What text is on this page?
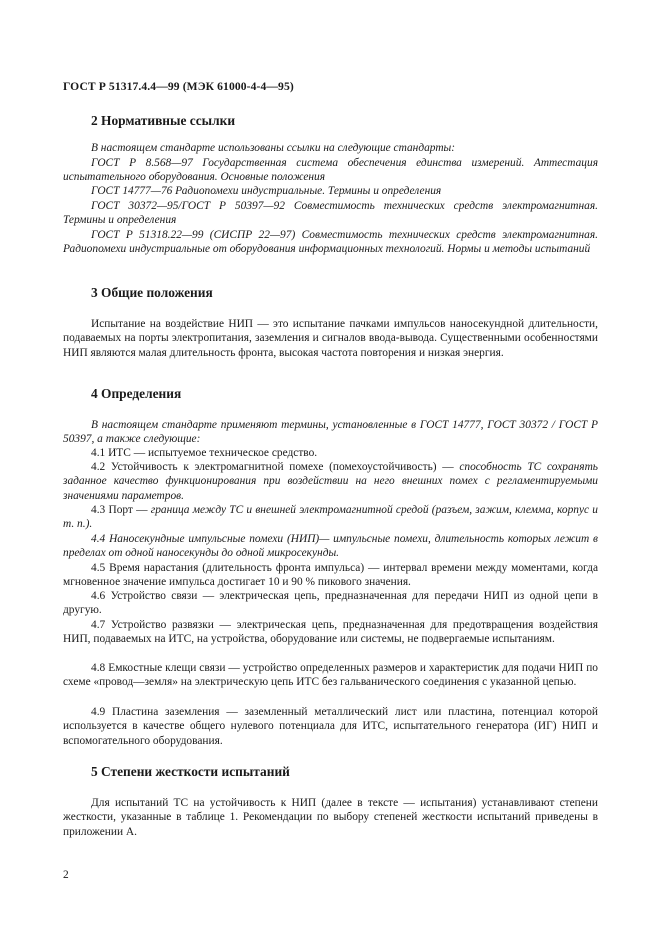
ГОСТ Р 51317.4.4—99 (МЭК 61000-4-4—95)
2 Нормативные ссылки

В настоящем стандарте использованы ссылки на следующие стандарты:

ГОСТ Р 8.568—97 Государственная система обеспечения единства измерений. Аттестация испытательного оборудования. Основные положения

ГОСТ 14777—76 Радиопомехи индустриальные. Термины и определения

ГОСТ 30372—95/ГОСТ Р 50397—92 Совместимость технических средств электромагнитная. Термины и определения

ГОСТ Р 51318.22—99 (СИСПР 22—97) Совместимость технических средств электромагнитная. Радиопомехи индустриальные от оборудования информационных технологий. Нормы и методы испытаний

3 Общие положения

Испытание на воздействие НИП — это испытание пачками импульсов наносекундной длительности, подаваемых на порты электропитания, заземления и сигналов ввода-вывода. Существенными особенностями НИП являются малая длительность фронта, высокая частота повторения и низкая энергия.

4 Определения

В настоящем стандарте применяют термины, установленные в ГОСТ 14777, ГОСТ 30372 / ГОСТ Р 50397, а также следующие:

4.1 ИТС — испытуемое техническое средство.

4.2 Устойчивость к электромагнитной помехе (помехоустойчивость) — способность ТС сохранять заданное качество функционирования при воздействии на него внешних помех с регламентируемыми значениями параметров.

4.3 Порт — граница между ТС и внешней электромагнитной средой (разъем, зажим, клемма, корпус и т. п.).

4.4 Наносекундные импульсные помехи (НИП)— импульсные помехи, длительность которых лежит в пределах от одной наносекунды до одной микросекунды.

4.5 Время нарастания (длительность фронта импульса) — интервал времени между моментами, когда мгновенное значение импульса достигает 10 и 90 % пикового значения.

4.6 Устройство связи — электрическая цепь, предназначенная для передачи НИП из одной цепи в другую.

4.7 Устройство развязки — электрическая цепь, предназначенная для предотвращения воздействия НИП, подаваемых на ИТС, на устройства, оборудование или системы, не подвергаемые испытаниям.

4.8 Емкостные клещи связи — устройство определенных размеров и характеристик для подачи НИП по схеме «провод—земля» на электрическую цепь ИТС без гальванического соединения с указанной цепью.

4.9 Пластина заземления — заземленный металлический лист или пластина, потенциал которой используется в качестве общего нулевого потенциала для ИТС, испытательного генератора (ИГ) НИП и вспомогательного оборудования.

5 Степени жесткости испытаний

Для испытаний ТС на устойчивость к НИП (далее в тексте — испытания) устанавливают степени жесткости, указанные в таблице 1. Рекомендации по выбору степеней жесткости испытаний приведены в приложении А.

2
